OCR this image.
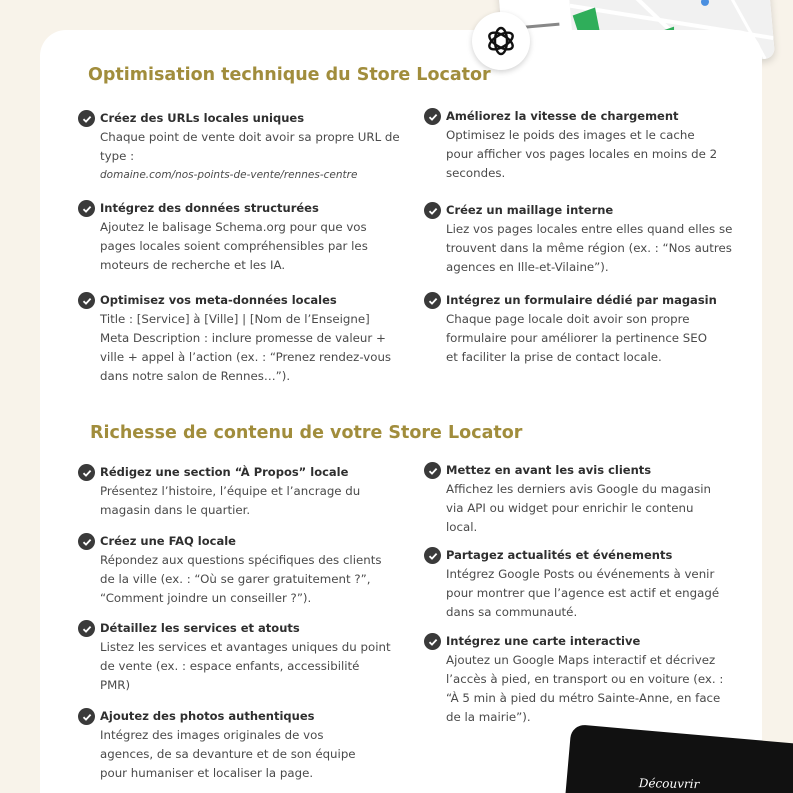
Optimisation technique du Store Locator
Créez des URLs locales uniques
Chaque point de vente doit avoir sa propre URL de
type :
domaine.com/nos-points-de-vente/rennes-centre
Intégrez des données structurées
Ajoutez le balisage Schema.org pour que vos
pages locales soient compréhensibles par les
moteurs de recherche et les IA.
Optimisez vos meta-données locales
Title : [Service] à [Ville] | [Nom de l’Enseigne]
Meta Description : inclure promesse de valeur +
ville + appel à l’action (ex. : “Prenez rendez-vous
dans notre salon de Rennes…”).
Améliorez la vitesse de chargement
Optimisez le poids des images et le cache
pour afficher vos pages locales en moins de 2
secondes.
Créez un maillage interne
Liez vos pages locales entre elles quand elles se
trouvent dans la même région (ex. : “Nos autres
agences en Ille-et-Vilaine”).
Intégrez un formulaire dédié par magasin
Chaque page locale doit avoir son propre
formulaire pour améliorer la pertinence SEO
et faciliter la prise de contact locale.
Richesse de contenu de votre Store Locator
Rédigez une section “À Propos” locale
Présentez l’histoire, l’équipe et l’ancrage du
magasin dans le quartier.
Créez une FAQ locale
Répondez aux questions spécifiques des clients
de la ville (ex. : “Où se garer gratuitement ?”,
“Comment joindre un conseiller ?”).
Détaillez les services et atouts
Listez les services et avantages uniques du point
de vente (ex. : espace enfants, accessibilité
PMR)
Ajoutez des photos authentiques
Intégrez des images originales de vos
agences, de sa devanture et de son équipe
pour humaniser et localiser la page.
Mettez en avant les avis clients
Affichez les derniers avis Google du magasin
via API ou widget pour enrichir le contenu
local.
Partagez actualités et événements
Intégrez Google Posts ou événements à venir
pour montrer que l’agence est actif et engagé
dans sa communauté.
Intégrez une carte interactive
Ajoutez un Google Maps interactif et décrivez
l’accès à pied, en transport ou en voiture (ex. :
“À 5 min à pied du métro Sainte-Anne, en face
de la mairie”).
Découvrir
